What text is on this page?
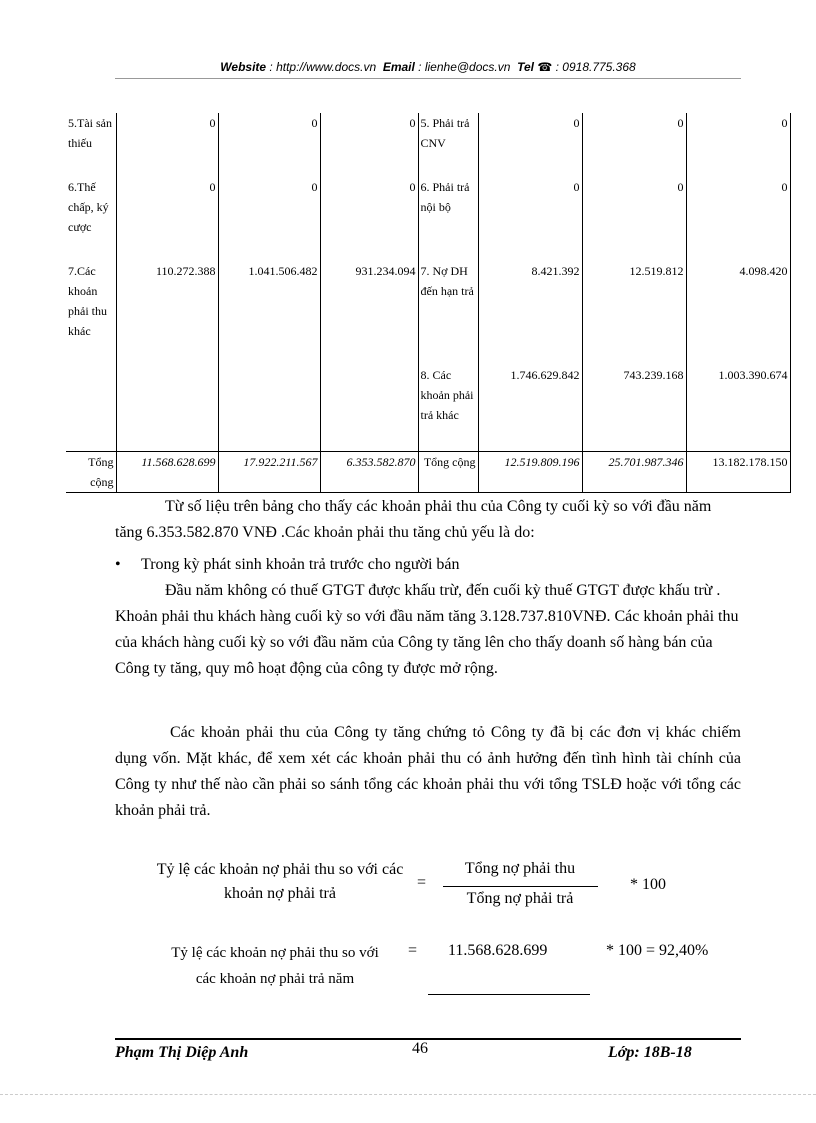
Website : http://www.docs.vn Email : lienhe@docs.vn Tel ☎ : 0918.775.368
5.Tài sản thiếu	0	0	0	5. Phải trả CNV	0	0	0
6.Thế chấp, ký cược	0	0	0	6. Phải trả nội bộ	0	0	0
7.Các khoản phải thu khác	110.272.388	1.041.506.482	931.234.094	7. Nợ DH đến hạn trả	8.421.392	12.519.812	4.098.420
				8. Các khoản phải trả khác	1.746.629.842	743.239.168	1.003.390.674
Tổng cộng	11.568.628.699	17.922.211.567	6.353.582.870	Tổng cộng	12.519.809.196	25.701.987.346	13.182.178.150
Từ số liệu trên bảng cho thấy các khoản phải thu của Công ty cuối kỳ so với đầu năm tăng 6.353.582.870 VNĐ .Các khoản phải thu tăng chủ yếu là do:
• Trong kỳ phát sinh khoản trả trước cho người bán
Đầu năm không có thuế GTGT được khấu trừ, đến cuối kỳ thuế GTGT được khấu trừ . Khoản phải thu khách hàng cuối kỳ so với đầu năm tăng 3.128.737.810VNĐ. Các khoản phải thu của khách hàng cuối kỳ so với đầu năm của Công ty tăng lên cho thấy doanh số hàng bán của Công ty tăng, quy mô hoạt động của công ty được mở rộng.
Các khoản phải thu của Công ty tăng chứng tỏ Công ty đã bị các đơn vị khác chiếm dụng vốn. Mặt khác, để xem xét các khoản phải thu có ảnh hưởng đến tình hình tài chính của Công ty như thế nào cần phải so sánh tổng các khoản phải thu với tổng TSLĐ hoặc với tổng các khoản phải trả.
Tỷ lệ các khoản nợ phải thu so với các khoản nợ phải trả
=
Tổng nợ phải thu
Tổng nợ phải trả
* 100
Tỷ lệ các khoản nợ phải thu so với các khoản nợ phải trả năm
= 11.568.628.699	* 100 = 92,40%
Phạm Thị Diệp Anh	46	Lớp: 18B-18
